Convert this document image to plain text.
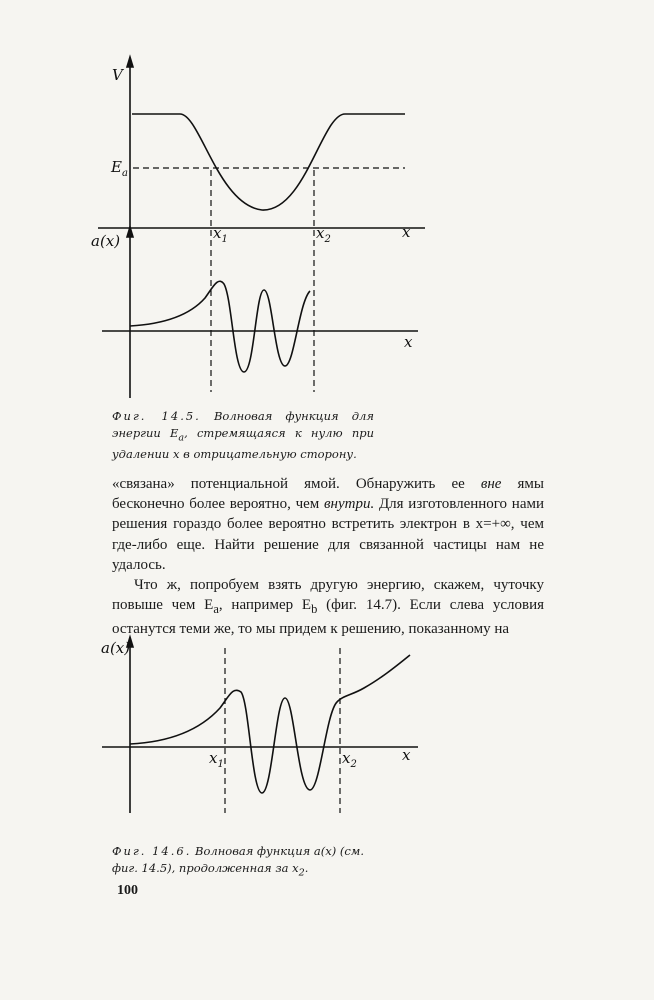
V
$E_a$
$x_1$	$x_2$	x
a(x)
x
Фиг. 14.5. Волновая функция для энергии $E_a$, стремящаяся к нулю при удалении x в отрицательную сторону.

«связана» потенциальной ямой. Обнаружить ее вне ямы бесконечно более вероятно, чем внутри. Для изготовленного нами решения гораздо более вероятно встретить электрон в x=+∞, чем где-либо еще. Найти решение для связанной частицы нам не удалось.

Что ж, попробуем взять другую энергию, скажем, чуточку повыше чем $E_a$, например $E_b$ (фиг. 14.7). Если слева условия останутся теми же, то мы придем к решению, показанному на

a(x)
$x_1$	$x_2$
x
Фиг. 14.6. Волновая функция a(x) (см. фиг. 14.5), продолженная за $x_2$.
100
